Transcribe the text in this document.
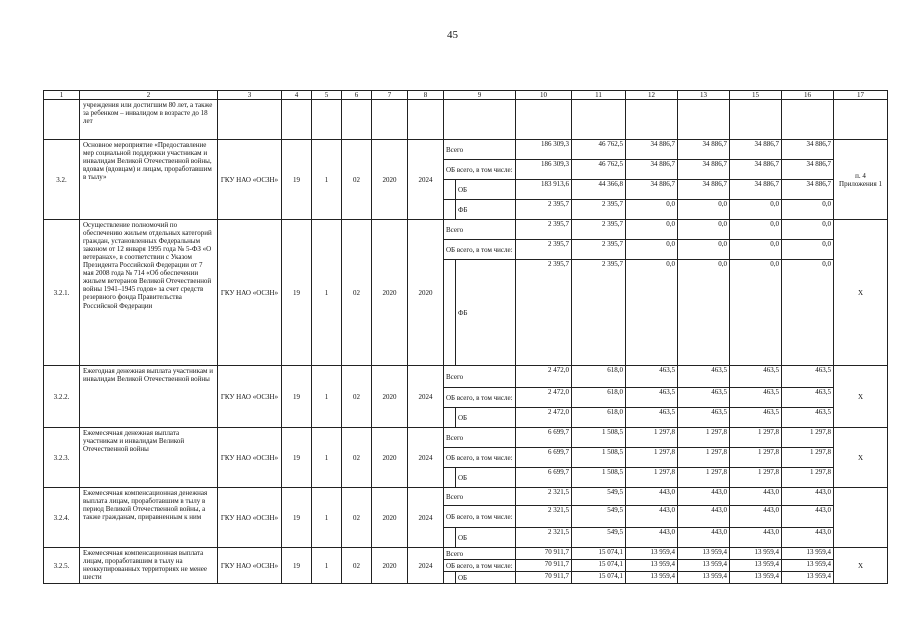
45
1	2	3	4	5	6	7	8	9		10	11	12	13	15	16	17
	учреждения или достигшим 80 лет, а также за ребенком – инвалидом в возрасте до 18 лет															
3.2.	Основное мероприятие «Предоставление мер социальной поддержки участникам и инвалидам Великой Отечественной войны, вдовам (вдовцам) и лицам, проработавшим в тылу»	ГКУ НАО «ОСЗН»	19	1	02	2020	2024	Всего		186 309,3	46 762,5	34 886,7	34 886,7	34 886,7	34 886,7	п. 4 Приложения 1
								ОБ всего, в том числе:		186 309,3	46 762,5	34 886,7	34 886,7	34 886,7	34 886,7	
									ОБ	183 913,6	44 366,8	34 886,7	34 886,7	34 886,7	34 886,7	
									ФБ	2 395,7	2 395,7	0,0	0,0	0,0	0,0	
3.2.1.	Осуществление полномочий по обеспечению жильем отдельных категорий граждан, установленных Федеральным законом от 12 января 1995 года № 5-ФЗ «О ветеранах», в соответствии с Указом Президента Российской Федерации от 7 мая 2008 года № 714 «Об обеспечении жильем ветеранов Великой Отечественной войны 1941–1945 годов» за счет средств резервного фонда Правительства Российской Федерации	ГКУ НАО «ОСЗН»	19	1	02	2020	2020	Всего		2 395,7	2 395,7	0,0	0,0	0,0	0,0	Х
								ОБ всего, в том числе:		2 395,7	2 395,7	0,0	0,0	0,0	0,0	
									ФБ	2 395,7	2 395,7	0,0	0,0	0,0	0,0	
3.2.2.	Ежегодная денежная выплата участникам и инвалидам Великой Отечественной войны	ГКУ НАО «ОСЗН»	19	1	02	2020	2024	Всего		2 472,0	618,0	463,5	463,5	463,5	463,5	Х
								ОБ всего, в том числе:		2 472,0	618,0	463,5	463,5	463,5	463,5	
									ОБ	2 472,0	618,0	463,5	463,5	463,5	463,5	
3.2.3.	Ежемесячная денежная выплата участникам и инвалидам Великой Отечественной войны	ГКУ НАО «ОСЗН»	19	1	02	2020	2024	Всего		6 699,7	1 508,5	1 297,8	1 297,8	1 297,8	1 297,8	Х
								ОБ всего, в том числе:		6 699,7	1 508,5	1 297,8	1 297,8	1 297,8	1 297,8	
									ОБ	6 699,7	1 508,5	1 297,8	1 297,8	1 297,8	1 297,8	
3.2.4.	Ежемесячная компенсационная денежная выплата лицам, проработавшим в тылу в период Великой Отечественной войны, а также гражданам, приравненным к ним	ГКУ НАО «ОСЗН»	19	1	02	2020	2024	Всего		2 321,5	549,5	443,0	443,0	443,0	443,0	
								ОБ всего, в том числе:		2 321,5	549,5	443,0	443,0	443,0	443,0	
									ОБ	2 321,5	549,5	443,0	443,0	443,0	443,0	
3.2.5.	Ежемесячная компенсационная выплата лицам, проработавшим в тылу на неоккупированных территориях не менее шести	ГКУ НАО «ОСЗН»	19	1	02	2020	2024	Всего		70 911,7	15 074,1	13 959,4	13 959,4	13 959,4	13 959,4	Х
								ОБ всего, в том числе:		70 911,7	15 074,1	13 959,4	13 959,4	13 959,4	13 959,4	
									ОБ	70 911,7	15 074,1	13 959,4	13 959,4	13 959,4	13 959,4	
